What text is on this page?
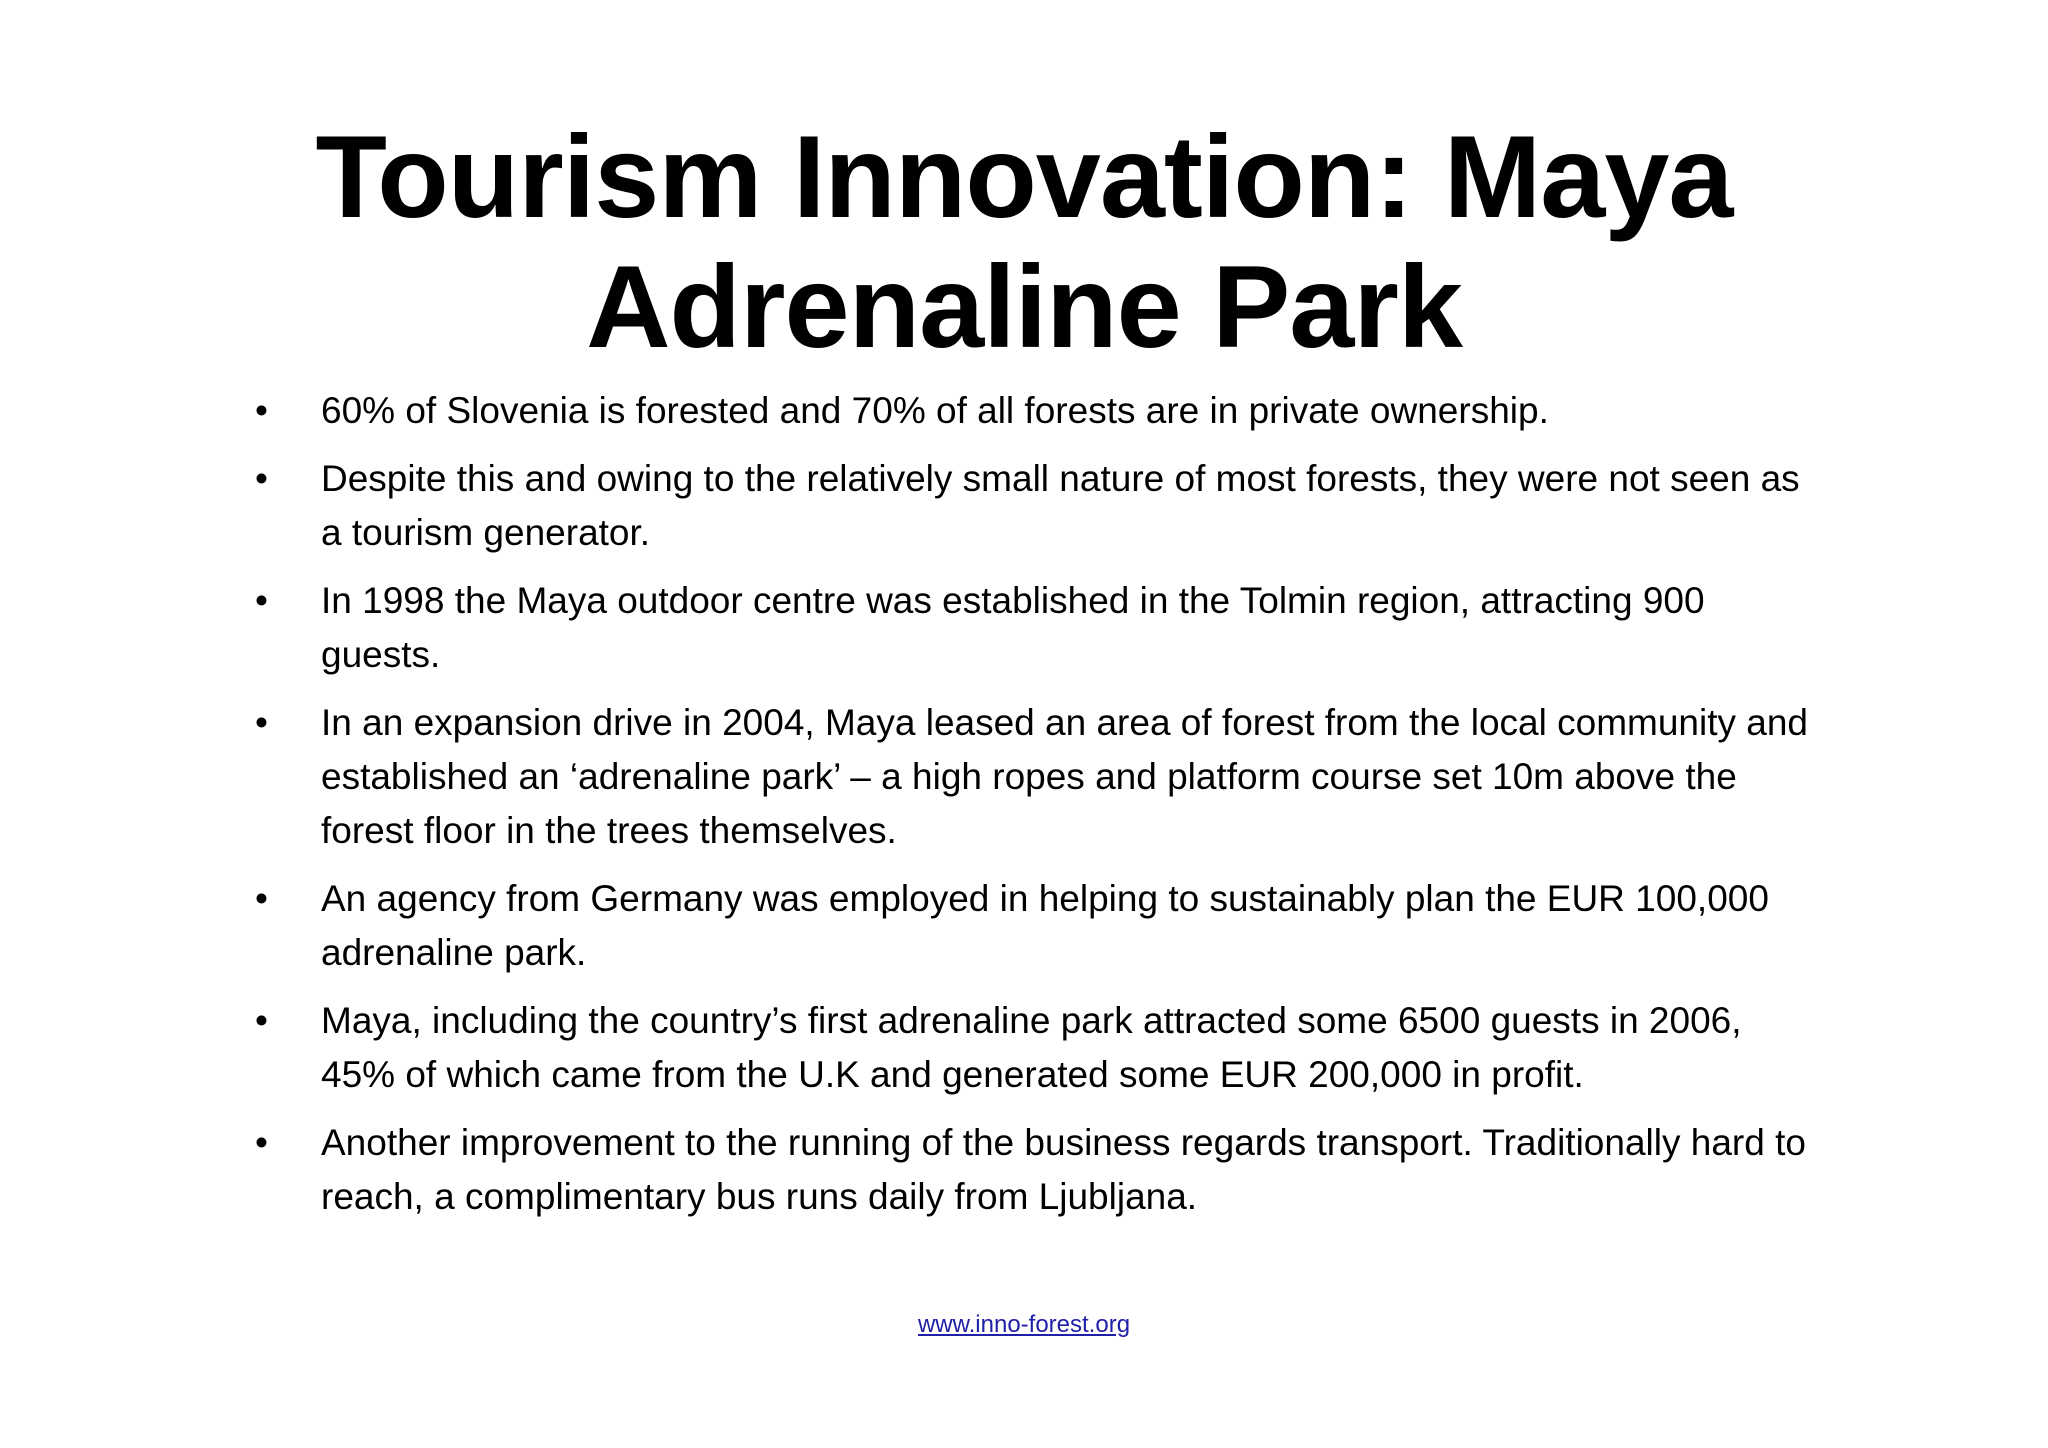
Tourism Innovation: Maya Adrenaline Park
•	60% of Slovenia is forested and 70% of all forests are in private ownership.
•	Despite this and owing to the relatively small nature of most forests, they were not seen as a tourism generator.
•	In 1998 the Maya outdoor centre was established in the Tolmin region, attracting 900 guests.
•	In an expansion drive in 2004, Maya leased an area of forest from the local community and established an ‘adrenaline park’ – a high ropes and platform course set 10m above the forest floor in the trees themselves.
•	An agency from Germany was employed in helping to sustainably plan the EUR 100,000 adrenaline park.
•	Maya, including the country’s first adrenaline park attracted some 6500 guests in 2006, 45% of which came from the U.K and generated some EUR 200,000 in profit.
•	Another improvement to the running of the business regards transport. Traditionally hard to reach, a complimentary bus runs daily from Ljubljana.
www.inno-forest.org
